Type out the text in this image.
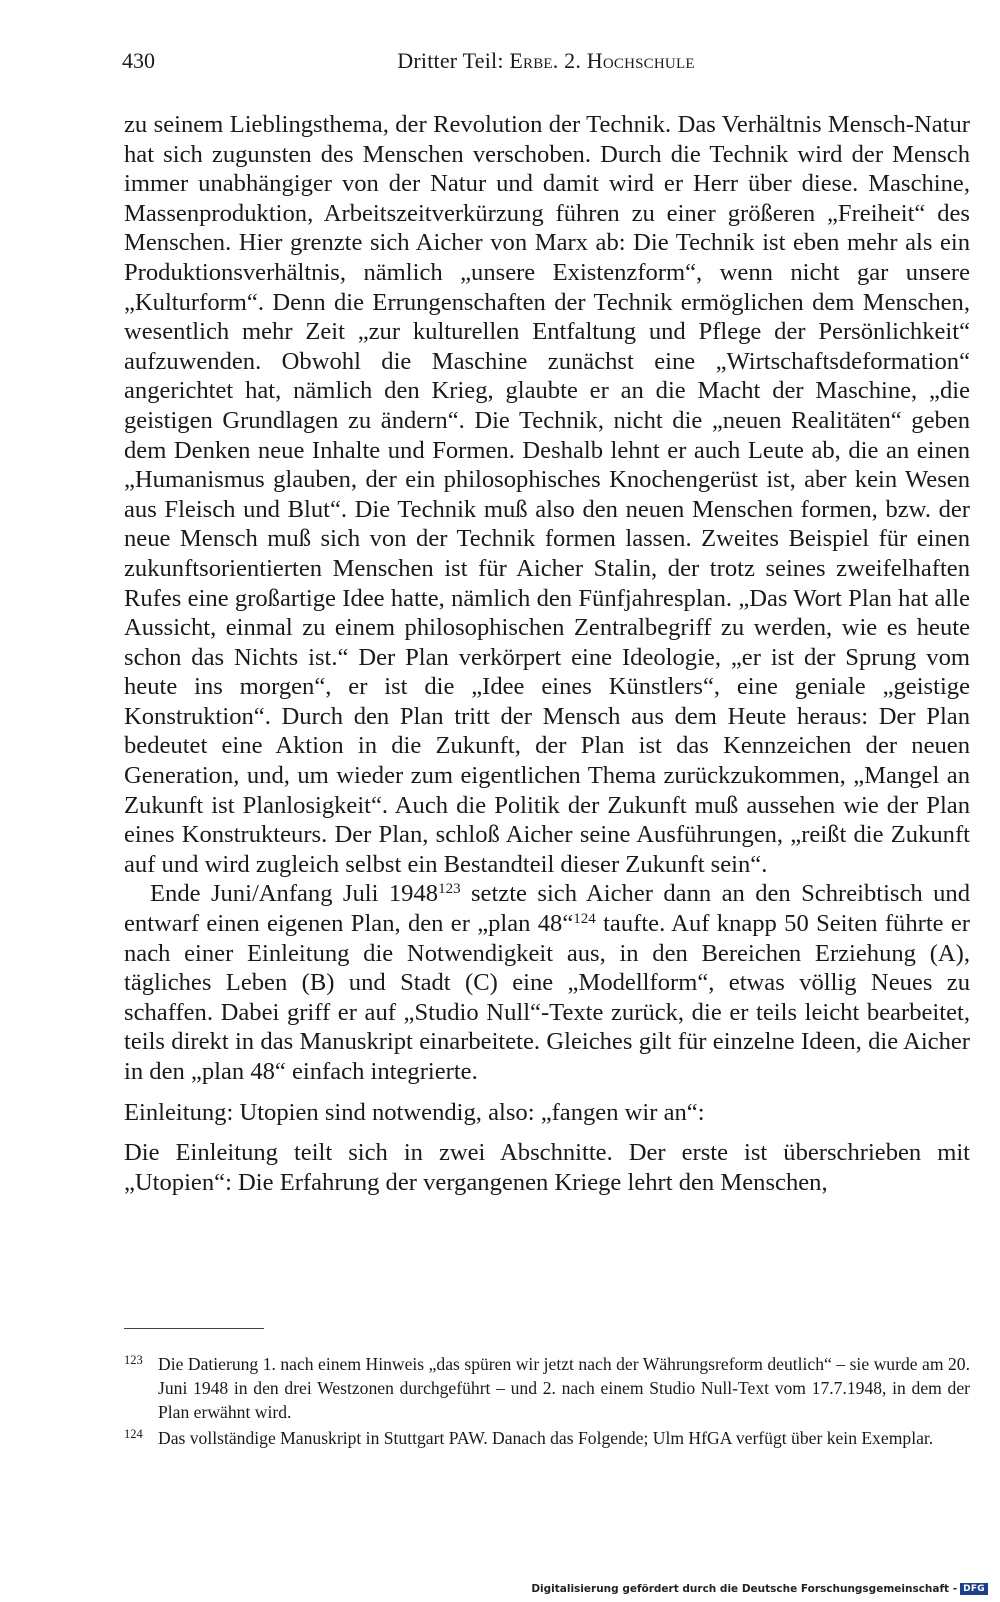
430	Dritter Teil: Erbe. 2. Hochschule

zu seinem Lieblingsthema, der Revolution der Technik. Das Verhältnis Mensch-Natur hat sich zugunsten des Menschen verschoben. Durch die Technik wird der Mensch immer unabhängiger von der Natur und damit wird er Herr über diese. Maschine, Massenproduktion, Arbeitszeitverkürzung führen zu einer größeren „Freiheit“ des Menschen. Hier grenzte sich Aicher von Marx ab: Die Technik ist eben mehr als ein Produktionsverhältnis, nämlich „unsere Existenzform“, wenn nicht gar unsere „Kulturform“. Denn die Errungenschaften der Technik ermöglichen dem Menschen, wesentlich mehr Zeit „zur kulturellen Entfaltung und Pflege der Persönlichkeit“ aufzuwenden. Obwohl die Maschine zunächst eine „Wirtschaftsdeformation“ angerichtet hat, nämlich den Krieg, glaubte er an die Macht der Maschine, „die geistigen Grundlagen zu ändern“. Die Technik, nicht die „neuen Realitäten“ geben dem Denken neue Inhalte und Formen. Deshalb lehnt er auch Leute ab, die an einen „Humanismus glauben, der ein philosophisches Knochengerüst ist, aber kein Wesen aus Fleisch und Blut“. Die Technik muß also den neuen Menschen formen, bzw. der neue Mensch muß sich von der Technik formen lassen. Zweites Beispiel für einen zukunftsorientierten Menschen ist für Aicher Stalin, der trotz seines zweifelhaften Rufes eine großartige Idee hatte, nämlich den Fünfjahresplan. „Das Wort Plan hat alle Aussicht, einmal zu einem philosophischen Zentralbegriff zu werden, wie es heute schon das Nichts ist.“ Der Plan verkörpert eine Ideologie, „er ist der Sprung vom heute ins morgen“, er ist die „Idee eines Künstlers“, eine geniale „geistige Konstruktion“. Durch den Plan tritt der Mensch aus dem Heute heraus: Der Plan bedeutet eine Aktion in die Zukunft, der Plan ist das Kennzeichen der neuen Generation, und, um wieder zum eigentlichen Thema zurückzukommen, „Mangel an Zukunft ist Planlosigkeit“. Auch die Politik der Zukunft muß aussehen wie der Plan eines Konstrukteurs. Der Plan, schloß Aicher seine Ausführungen, „reißt die Zukunft auf und wird zugleich selbst ein Bestandteil dieser Zukunft sein“.

Ende Juni/Anfang Juli 1948$^{123}$ setzte sich Aicher dann an den Schreibtisch und entwarf einen eigenen Plan, den er „plan 48“$^{124}$ taufte. Auf knapp 50 Seiten führte er nach einer Einleitung die Notwendigkeit aus, in den Bereichen Erziehung (A), tägliches Leben (B) und Stadt (C) eine „Modellform“, etwas völlig Neues zu schaffen. Dabei griff er auf „Studio Null“-Texte zurück, die er teils leicht bearbeitet, teils direkt in das Manuskript einarbeitete. Gleiches gilt für einzelne Ideen, die Aicher in den „plan 48“ einfach integrierte.

Einleitung: Utopien sind notwendig, also: „fangen wir an“:

Die Einleitung teilt sich in zwei Abschnitte. Der erste ist überschrieben mit „Utopien“: Die Erfahrung der vergangenen Kriege lehrt den Menschen,

123 Die Datierung 1. nach einem Hinweis „das spüren wir jetzt nach der Währungsreform deutlich“ – sie wurde am 20. Juni 1948 in den drei Westzonen durchgeführt – und 2. nach einem Studio Null-Text vom 17.7.1948, in dem der Plan erwähnt wird.
124 Das vollständige Manuskript in Stuttgart PAW. Danach das Folgende; Ulm HfGA verfügt über kein Exemplar.
Digitalisierung gefördert durch die Deutsche Forschungsgemeinschaft - DFG
